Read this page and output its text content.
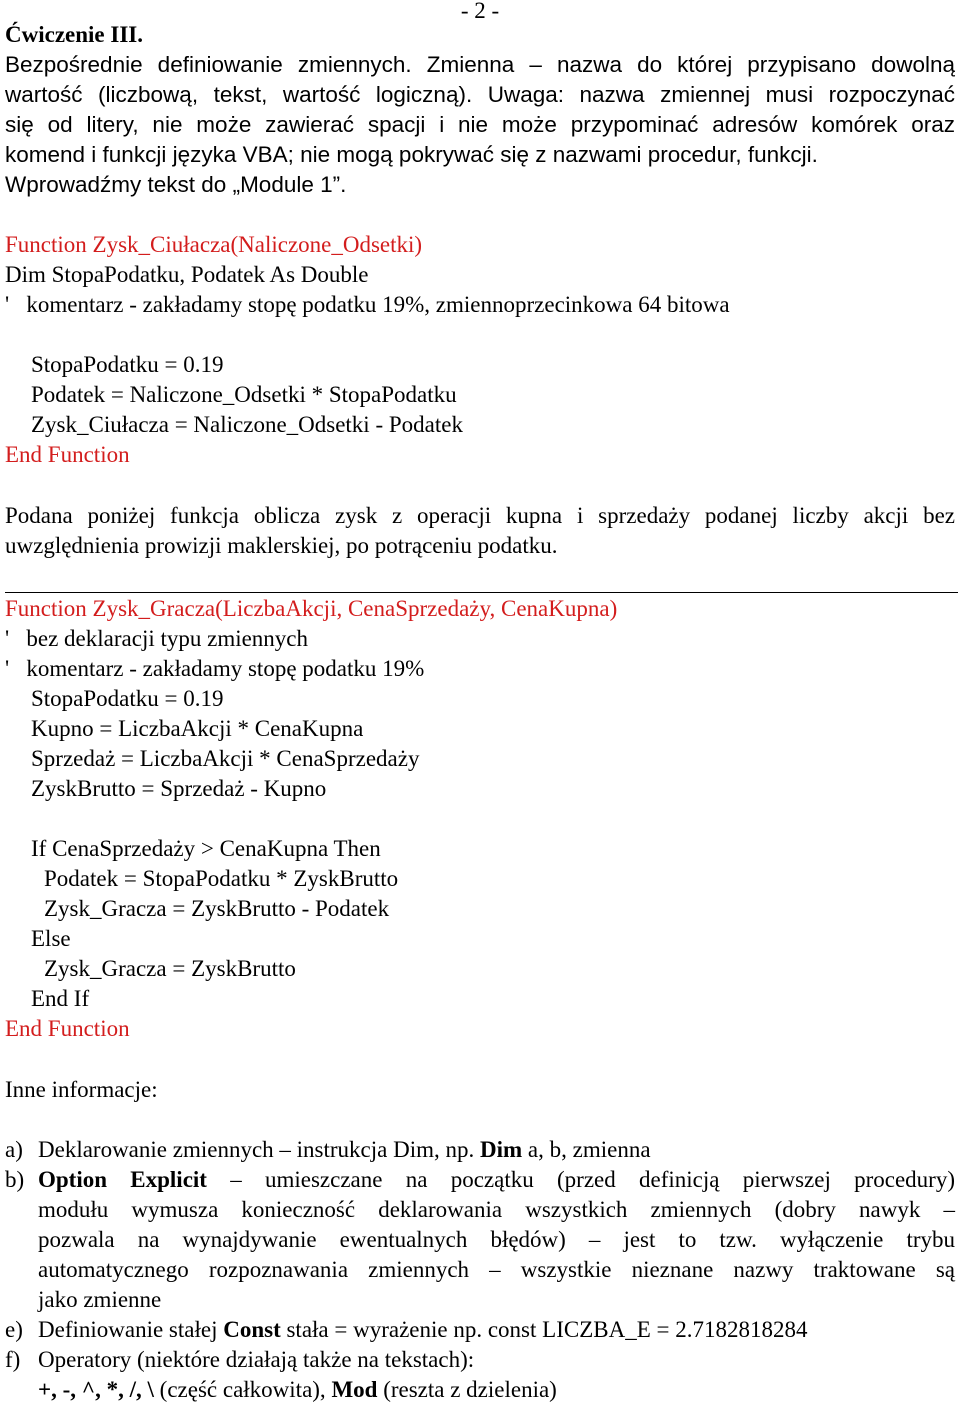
- 2 -
Ćwiczenie III.
Bezpośrednie definiowanie zmiennych. Zmienna – nazwa do której przypisano dowolną
wartość (liczbową, tekst, wartość logiczną). Uwaga: nazwa zmiennej musi rozpoczynać
się od litery, nie może zawierać spacji i nie może przypominać adresów komórek oraz
komend i funkcji języka VBA; nie mogą pokrywać się z nazwami procedur, funkcji.
Wprowadźmy tekst do „Module 1”.
Function Zysk_Ciułacza(Naliczone_Odsetki)
Dim StopaPodatku, Podatek As Double
'   komentarz - zakładamy stopę podatku 19%, zmiennoprzecinkowa 64 bitowa
StopaPodatku = 0.19
Podatek = Naliczone_Odsetki * StopaPodatku
Zysk_Ciułacza = Naliczone_Odsetki - Podatek
End Function
Podana poniżej funkcja oblicza zysk z operacji kupna i sprzedaży podanej liczby akcji bez
uwzględnienia prowizji maklerskiej, po potrąceniu podatku.
Function Zysk_Gracza(LiczbaAkcji, CenaSprzedaży, CenaKupna)
'   bez deklaracji typu zmiennych
'   komentarz - zakładamy stopę podatku 19%
StopaPodatku = 0.19
Kupno = LiczbaAkcji * CenaKupna
Sprzedaż = LiczbaAkcji * CenaSprzedaży
ZyskBrutto = Sprzedaż - Kupno
If CenaSprzedaży > CenaKupna Then
Podatek = StopaPodatku * ZyskBrutto
Zysk_Gracza = ZyskBrutto - Podatek
Else
Zysk_Gracza = ZyskBrutto
End If
End Function
Inne informacje:
a) Deklarowanie zmiennych – instrukcja Dim, np. Dim a, b, zmienna
b) Option Explicit – umieszczane na początku (przed definicją pierwszej procedury)
modułu wymusza konieczność deklarowania wszystkich zmiennych (dobry nawyk –
pozwala na wynajdywanie ewentualnych błędów) – jest to tzw. wyłączenie trybu
automatycznego rozpoznawania zmiennych – wszystkie nieznane nazwy traktowane są
jako zmienne
e) Definiowanie stałej Const stała = wyrażenie np. const LICZBA_E = 2.7182818284
f) Operatory (niektóre działają także na tekstach):
+, -, ^, *, /, \ (część całkowita), Mod (reszta z dzielenia)
